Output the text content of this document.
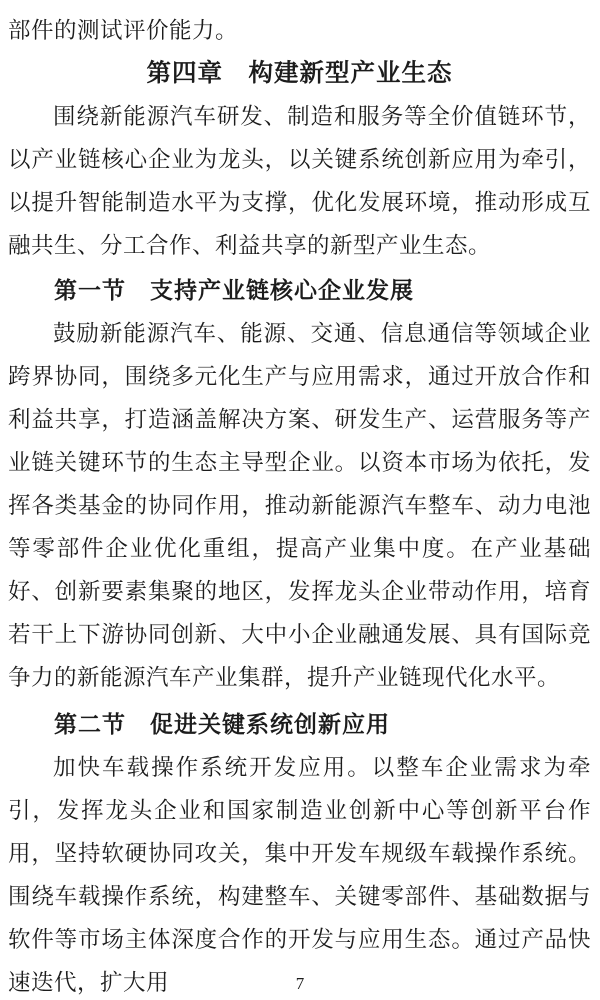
部件的测试评价能力。

第四章　构建新型产业生态

围绕新能源汽车研发、制造和服务等全价值链环节，以产业链核心企业为龙头，以关键系统创新应用为牵引，以提升智能制造水平为支撑，优化发展环境，推动形成互融共生、分工合作、利益共享的新型产业生态。

第一节　支持产业链核心企业发展

鼓励新能源汽车、能源、交通、信息通信等领域企业跨界协同，围绕多元化生产与应用需求，通过开放合作和利益共享，打造涵盖解决方案、研发生产、运营服务等产业链关键环节的生态主导型企业。以资本市场为依托，发挥各类基金的协同作用，推动新能源汽车整车、动力电池等零部件企业优化重组，提高产业集中度。在产业基础好、创新要素集聚的地区，发挥龙头企业带动作用，培育若干上下游协同创新、大中小企业融通发展、具有国际竞争力的新能源汽车产业集群，提升产业链现代化水平。

第二节　促进关键系统创新应用

加快车载操作系统开发应用。以整车企业需求为牵引，发挥龙头企业和国家制造业创新中心等创新平台作用，坚持软硬协同攻关，集中开发车规级车载操作系统。围绕车载操作系统，构建整车、关键零部件、基础数据与软件等市场主体深度合作的开发与应用生态。通过产品快速迭代，扩大用	7
